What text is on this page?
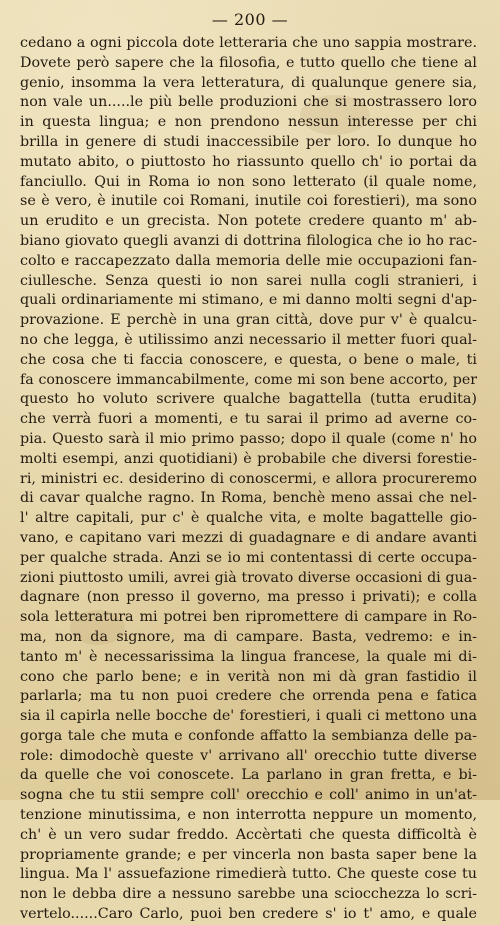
— 200 —
cedano a ogni piccola dote letteraria che uno sappia mostrare.
Dovete però sapere che la filosofia, e tutto quello che tiene al
genio, insomma la vera letteratura, di qualunque genere sia,
non vale un.....le più belle produzioni che si mostrassero loro
in questa lingua; e non prendono nessun interesse per chi
brilla in genere di studi inaccessibile per loro. Io dunque ho
mutato abito, o piuttosto ho riassunto quello ch' io portai da
fanciullo. Qui in Roma io non sono letterato (il quale nome,
se è vero, è inutile coi Romani, inutile coi forestieri), ma sono
un erudito e un grecista. Non potete credere quanto m' ab-
biano giovato quegli avanzi di dottrina filologica che io ho rac-
colto e raccapezzato dalla memoria delle mie occupazioni fan-
ciullesche. Senza questi io non sarei nulla cogli stranieri, i
quali ordinariamente mi stimano, e mi danno molti segni d'ap-
provazione. E perchè in una gran città, dove pur v' è qualcu-
no che legga, è utilissimo anzi necessario il metter fuori qual-
che cosa che ti faccia conoscere, e questa, o bene o male, ti
fa conoscere immancabilmente, come mi son bene accorto, per
questo ho voluto scrivere qualche bagattella (tutta erudita)
che verrà fuori a momenti, e tu sarai il primo ad averne co-
pia. Questo sarà il mio primo passo; dopo il quale (come n' ho
molti esempi, anzi quotidiani) è probabile che diversi forestie-
ri, ministri ec. desiderino di conoscermi, e allora procureremo
di cavar qualche ragno. In Roma, benchè meno assai che nel-
l' altre capitali, pur c' è qualche vita, e molte bagattelle gio-
vano, e capitano vari mezzi di guadagnare e di andare avanti
per qualche strada. Anzi se io mi contentassi di certe occupa-
zioni piuttosto umili, avrei già trovato diverse occasioni di gua-
dagnare (non presso il governo, ma presso i privati); e colla
sola letteratura mi potrei ben ripromettere di campare in Ro-
ma, non da signore, ma di campare. Basta, vedremo: e in-
tanto m' è necessarissima la lingua francese, la quale mi di-
cono che parlo bene; e in verità non mi dà gran fastidio il
parlarla; ma tu non puoi credere che orrenda pena e fatica
sia il capirla nelle bocche de' forestieri, i quali ci mettono una
gorga tale che muta e confonde affatto la sembianza delle pa-
role: dimodochè queste v' arrivano all' orecchio tutte diverse
da quelle che voi conoscete. La parlano in gran fretta, e bi-
sogna che tu stii sempre coll' orecchio e coll' animo in un'at-
tenzione minutissima, e non interrotta neppure un momento,
ch' è un vero sudar freddo. Accèrtati che questa difficoltà è
propriamente grande; e per vincerla non basta saper bene la
lingua. Ma l' assuefazione rimedierà tutto. Che queste cose tu
non le debba dire a nessuno sarebbe una sciocchezza lo scri-
vertelo......Caro Carlo, puoi ben credere s' io t' amo, e quale
